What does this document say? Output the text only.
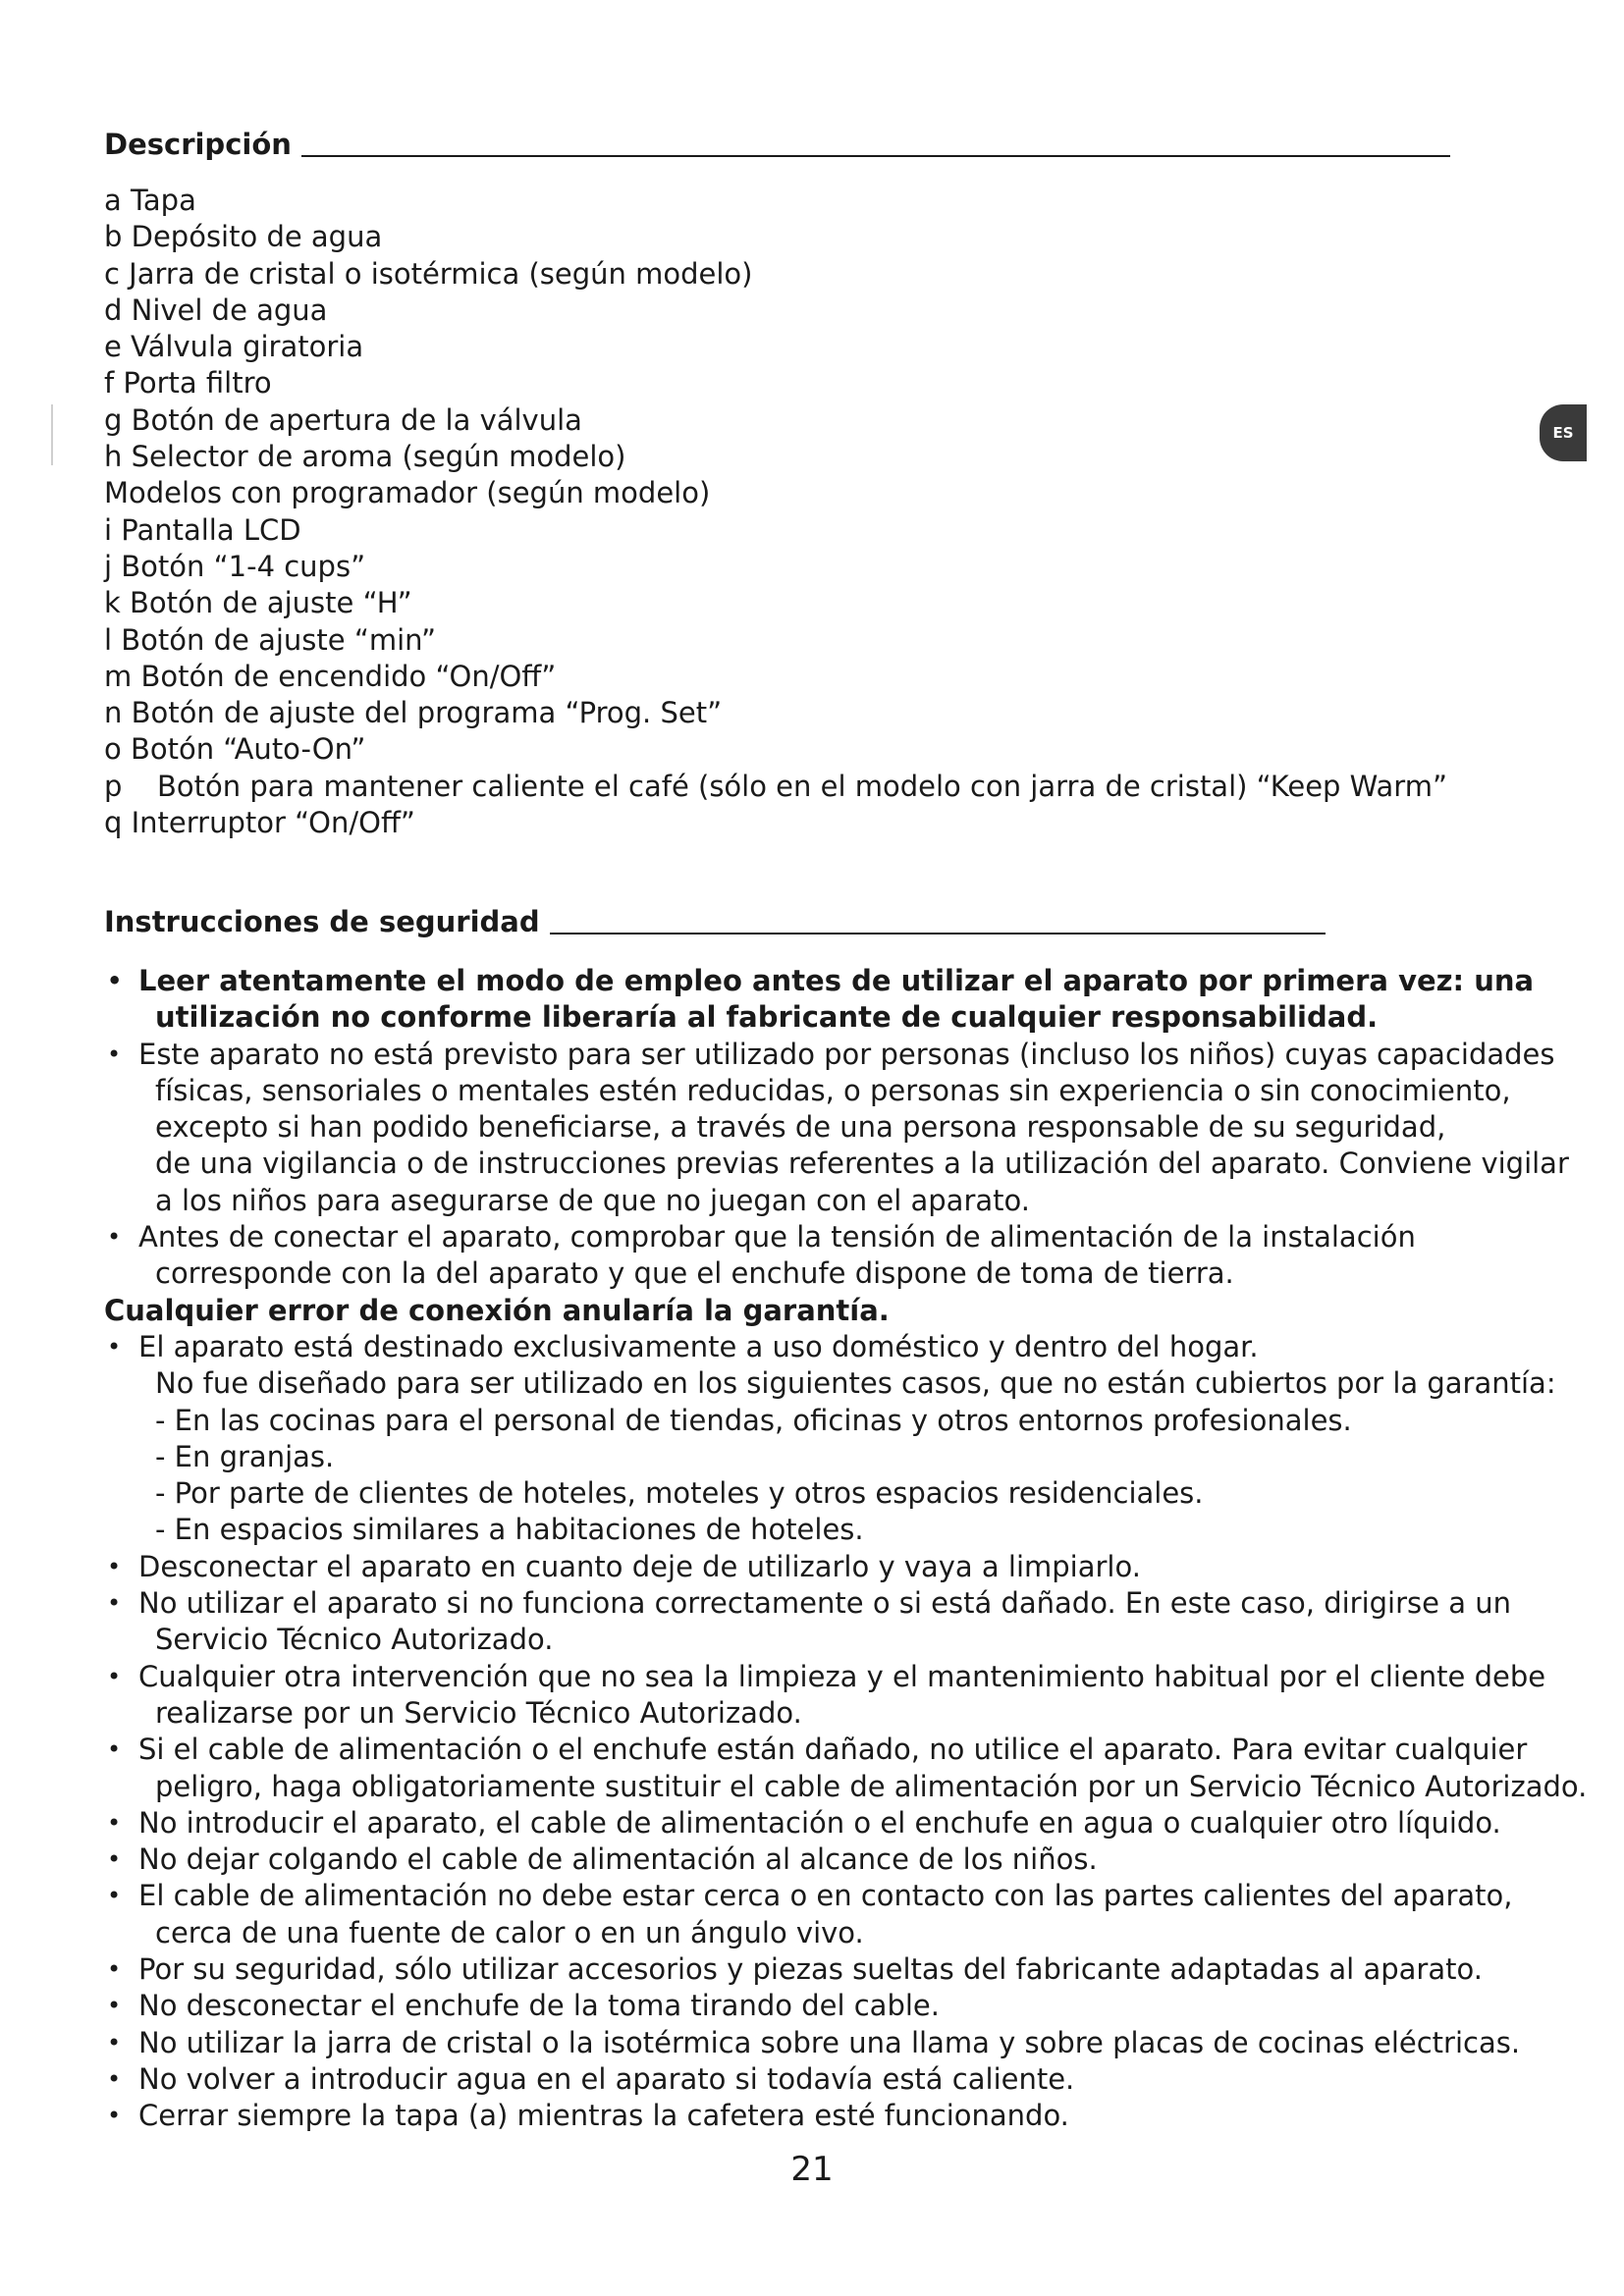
Descripción
a Tapa
b Depósito de agua
c Jarra de cristal o isotérmica (según modelo)
d Nivel de agua
e Válvula giratoria
f Porta filtro
g Botón de apertura de la válvula
h Selector de aroma (según modelo)
Modelos con programador (según modelo)
i Pantalla LCD
j Botón “1-4 cups”
k Botón de ajuste “H”
l Botón de ajuste “min”
m Botón de encendido “On/Off”
n Botón de ajuste del programa “Prog. Set”
o Botón “Auto-On”
p Botón para mantener caliente el café (sólo en el modelo con jarra de cristal) “Keep Warm”
q Interruptor “On/Off”
Instrucciones de seguridad
• Leer atentamente el modo de empleo antes de utilizar el aparato por primera vez: una
utilización no conforme liberaría al fabricante de cualquier responsabilidad.
• Este aparato no está previsto para ser utilizado por personas (incluso los niños) cuyas capacidades
físicas, sensoriales o mentales estén reducidas, o personas sin experiencia o sin conocimiento,
excepto si han podido beneficiarse, a través de una persona responsable de su seguridad,
de una vigilancia o de instrucciones previas referentes a la utilización del aparato. Conviene vigilar
a los niños para asegurarse de que no juegan con el aparato.
• Antes de conectar el aparato, comprobar que la tensión de alimentación de la instalación
corresponde con la del aparato y que el enchufe dispone de toma de tierra.
Cualquier error de conexión anularía la garantía.
• El aparato está destinado exclusivamente a uso doméstico y dentro del hogar.
No fue diseñado para ser utilizado en los siguientes casos, que no están cubiertos por la garantía:
- En las cocinas para el personal de tiendas, oficinas y otros entornos profesionales.
- En granjas.
- Por parte de clientes de hoteles, moteles y otros espacios residenciales.
- En espacios similares a habitaciones de hoteles.
• Desconectar el aparato en cuanto deje de utilizarlo y vaya a limpiarlo.
• No utilizar el aparato si no funciona correctamente o si está dañado. En este caso, dirigirse a un
Servicio Técnico Autorizado.
• Cualquier otra intervención que no sea la limpieza y el mantenimiento habitual por el cliente debe
realizarse por un Servicio Técnico Autorizado.
• Si el cable de alimentación o el enchufe están dañado, no utilice el aparato. Para evitar cualquier
peligro, haga obligatoriamente sustituir el cable de alimentación por un Servicio Técnico Autorizado.
• No introducir el aparato, el cable de alimentación o el enchufe en agua o cualquier otro líquido.
• No dejar colgando el cable de alimentación al alcance de los niños.
• El cable de alimentación no debe estar cerca o en contacto con las partes calientes del aparato,
cerca de una fuente de calor o en un ángulo vivo.
• Por su seguridad, sólo utilizar accesorios y piezas sueltas del fabricante adaptadas al aparato.
• No desconectar el enchufe de la toma tirando del cable.
• No utilizar la jarra de cristal o la isotérmica sobre una llama y sobre placas de cocinas eléctricas.
• No volver a introducir agua en el aparato si todavía está caliente.
• Cerrar siempre la tapa (a) mientras la cafetera esté funcionando.
ES
21
